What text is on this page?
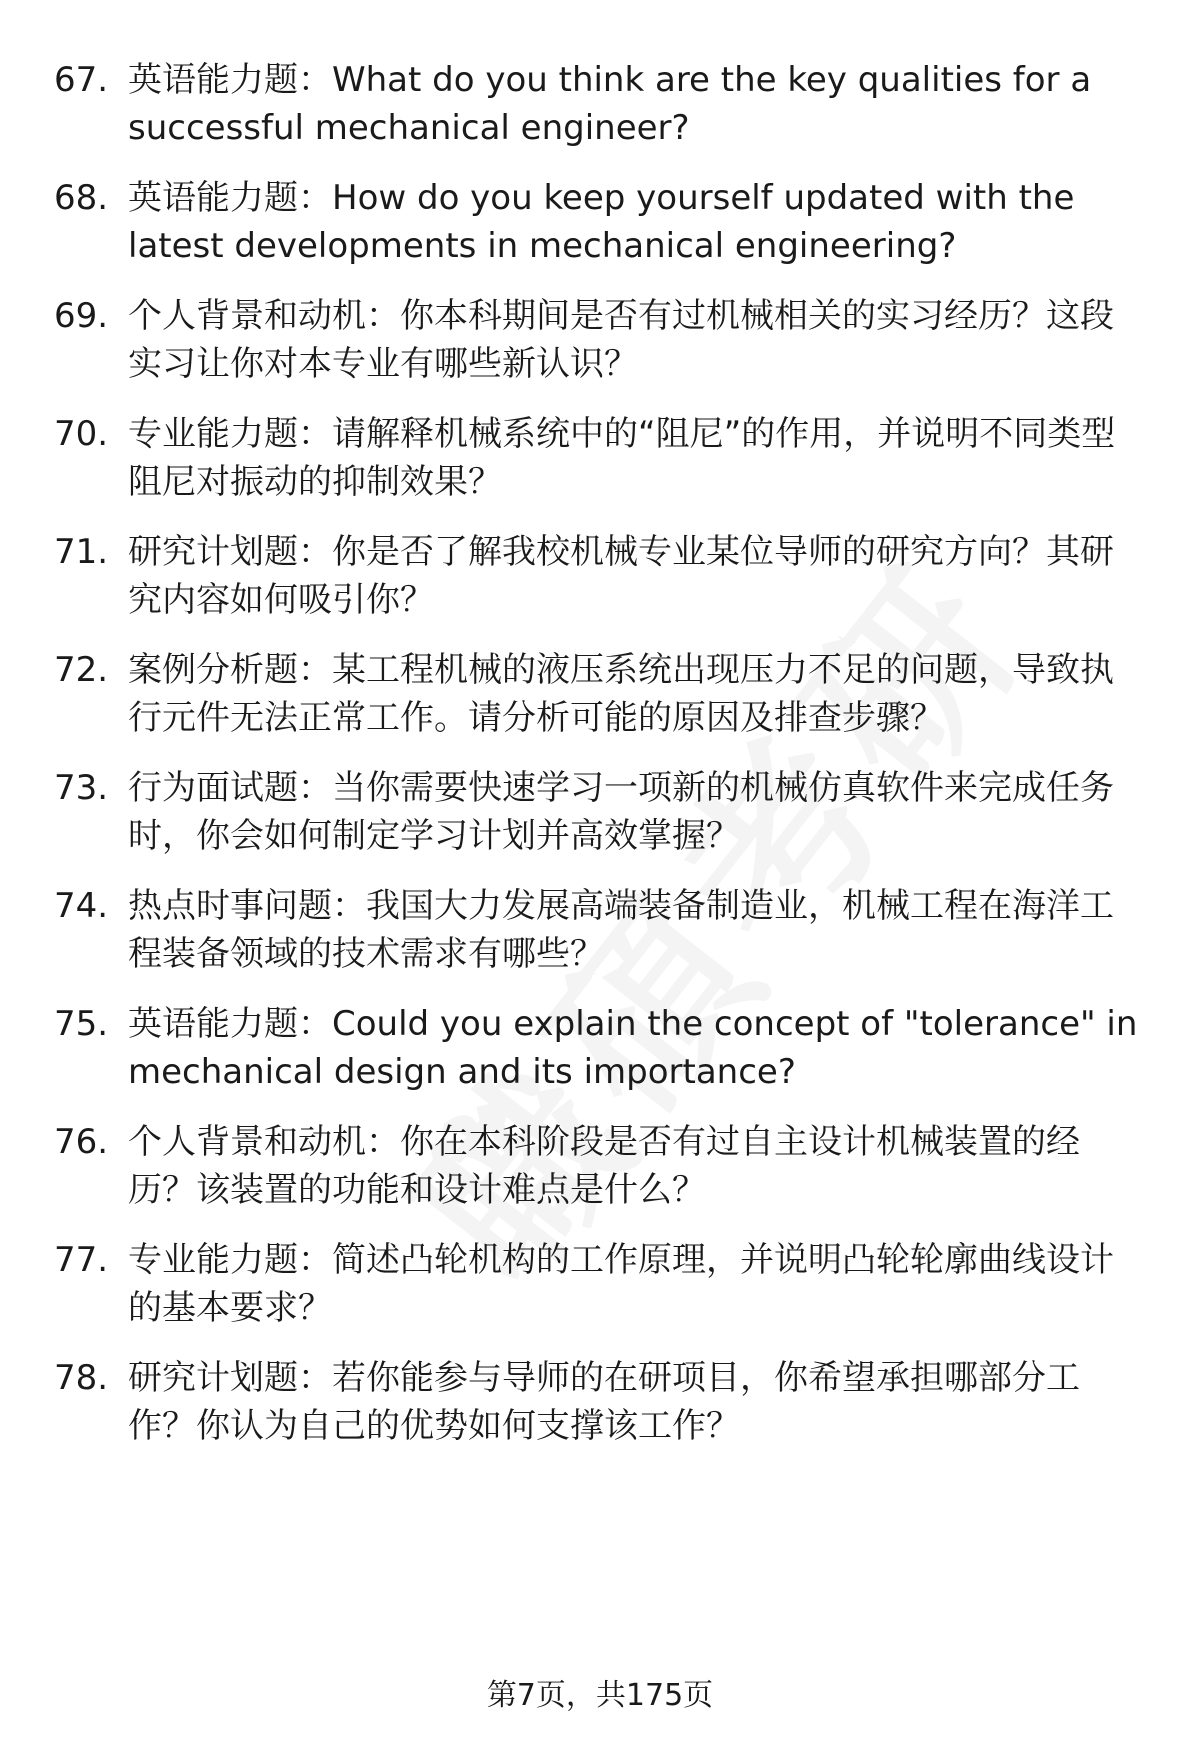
67. 英语能力题：What do you think are the key qualities for a successful mechanical engineer?
68. 英语能力题：How do you keep yourself updated with the latest developments in mechanical engineering?
69. 个人背景和动机：你本科期间是否有过机械相关的实习经历？这段实习让你对本专业有哪些新认识？
70. 专业能力题：请解释机械系统中的“阻尼”的作用，并说明不同类型阻尼对振动的抑制效果？
71. 研究计划题：你是否了解我校机械专业某位导师的研究方向？其研究内容如何吸引你？
72. 案例分析题：某工程机械的液压系统出现压力不足的问题，导致执行元件无法正常工作。请分析可能的原因及排查步骤？
73. 行为面试题：当你需要快速学习一项新的机械仿真软件来完成任务时，你会如何制定学习计划并高效掌握？
74. 热点时事问题：我国大力发展高端装备制造业，机械工程在海洋工程装备领域的技术需求有哪些？
75. 英语能力题：Could you explain the concept of "tolerance" in mechanical design and its importance?
76. 个人背景和动机：你在本科阶段是否有过自主设计机械装置的经历？该装置的功能和设计难点是什么？
77. 专业能力题：简述凸轮机构的工作原理，并说明凸轮轮廓曲线设计的基本要求？
78. 研究计划题：若你能参与导师的在研项目，你希望承担哪部分工作？你认为自己的优势如何支撑该工作？
第7页，共175页
